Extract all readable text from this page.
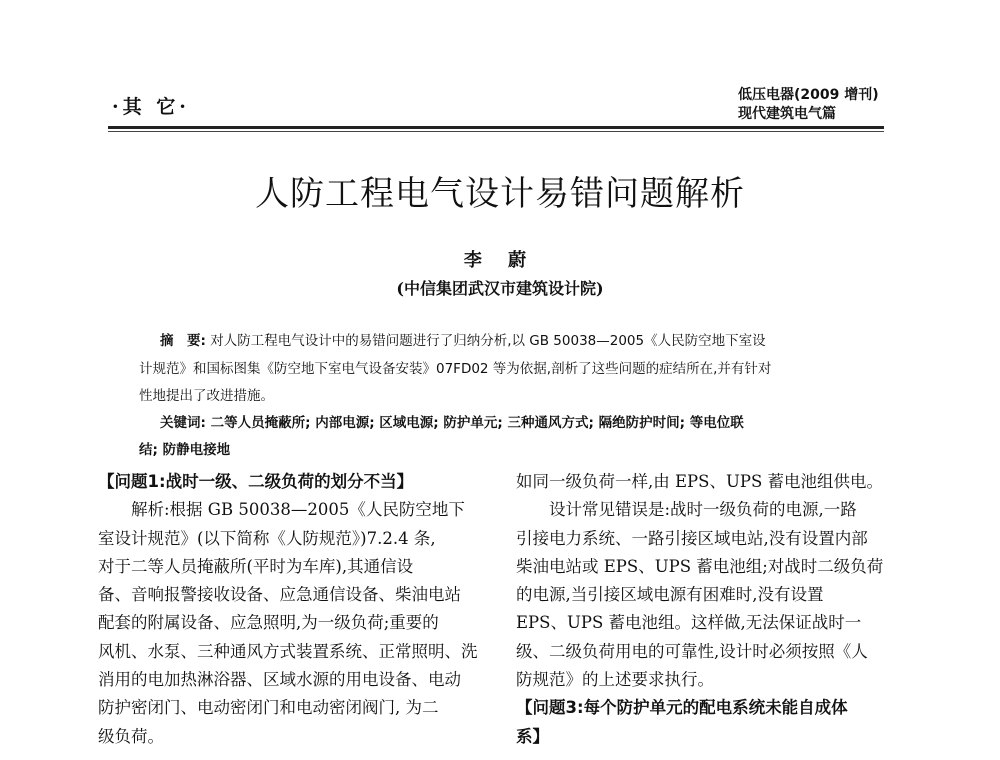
·其 它·
低压电器(2009 增刊)
现代建筑电气篇
人防工程电气设计易错问题解析
李 蔚
(中信集团武汉市建筑设计院)
摘　要: 对人防工程电气设计中的易错问题进行了归纳分析,以 GB 50038—2005《人民防空地下室设
计规范》和国标图集《防空地下室电气设备安装》07FD02 等为依据,剖析了这些问题的症结所在,并有针对
性地提出了改进措施。
关键词: 二等人员掩蔽所; 内部电源; 区域电源; 防护单元; 三种通风方式; 隔绝防护时间; 等电位联
结; 防静电接地
【问题1:战时一级、二级负荷的划分不当】
解析:根据 GB 50038—2005《人民防空地下
室设计规范》(以下简称《人防规范》)7.2.4 条,
对于二等人员掩蔽所(平时为车库),其通信设
备、音响报警接收设备、应急通信设备、柴油电站
配套的附属设备、应急照明,为一级负荷;重要的
风机、水泵、三种通风方式装置系统、正常照明、洗
消用的电加热淋浴器、区域水源的用电设备、电动
防护密闭门、电动密闭门和电动密闭阀门, 为二
级负荷。
如同一级负荷一样,由 EPS、UPS 蓄电池组供电。
设计常见错误是:战时一级负荷的电源,一路
引接电力系统、一路引接区域电站,没有设置内部
柴油电站或 EPS、UPS 蓄电池组;对战时二级负荷
的电源,当引接区域电源有困难时,没有设置
EPS、UPS 蓄电池组。这样做,无法保证战时一
级、二级负荷用电的可靠性,设计时必须按照《人
防规范》的上述要求执行。
【问题3:每个防护单元的配电系统未能自成体
系】
